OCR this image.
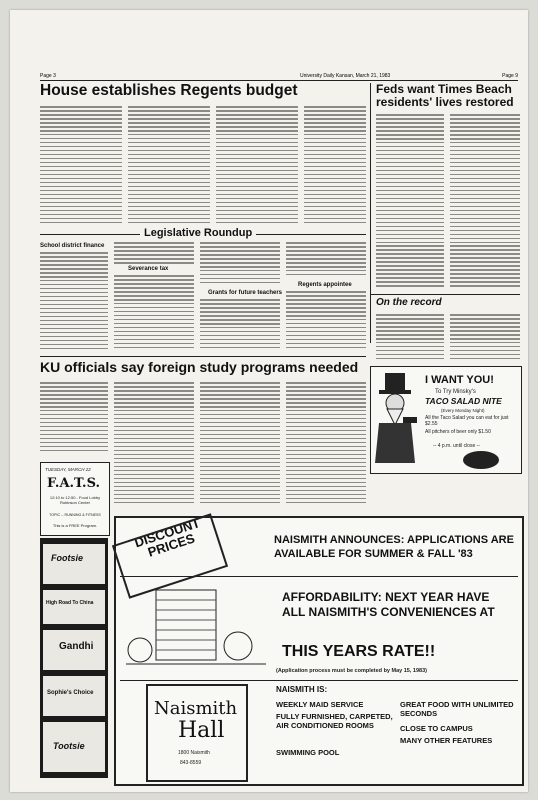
Page 3	University Daily Kansan, March 21, 1983	Page 9
House establishes Regents budget	Feds want Times Beach residents' lives restored
Legislative Roundup
School district finance
Severance tax
Grants for future teachers
Regents appointee
On the record
KU officials say foreign study programs needed
TUESDAY, MARCH 22
F.A.T.S.
12:10 to 12:50 - Food Lobby Robinson Center
TOPIC -- RUNNING & FITNESS
This is a FREE Program.
Footsie
High Road To China
Gandhi
Sophie's Choice
Tootsie
I WANT YOU!
To Try Minsky's
TACO SALAD NITE
(Every Monday Night)
All the Taco Salad you can eat for just $2.55
All pitchers of beer only $1.50
-- 4 p.m. until close --
DISCOUNT PRICES	NAISMITH ANNOUNCES: APPLICATIONS ARE AVAILABLE FOR SUMMER & FALL '83
AFFORDABILITY: NEXT YEAR HAVE ALL NAISMITH'S CONVENIENCES AT
THIS YEARS RATE!!
(Application process must be completed by May 15, 1983)
Naismith
Hall
1800 Naismith
843-8559
NAISMITH IS:
WEEKLY MAID SERVICE
FULLY FURNISHED, CARPETED, AIR CONDITIONED ROOMS
SWIMMING POOL
GREAT FOOD WITH UNLIMITED SECONDS
CLOSE TO CAMPUS
MANY OTHER FEATURES
